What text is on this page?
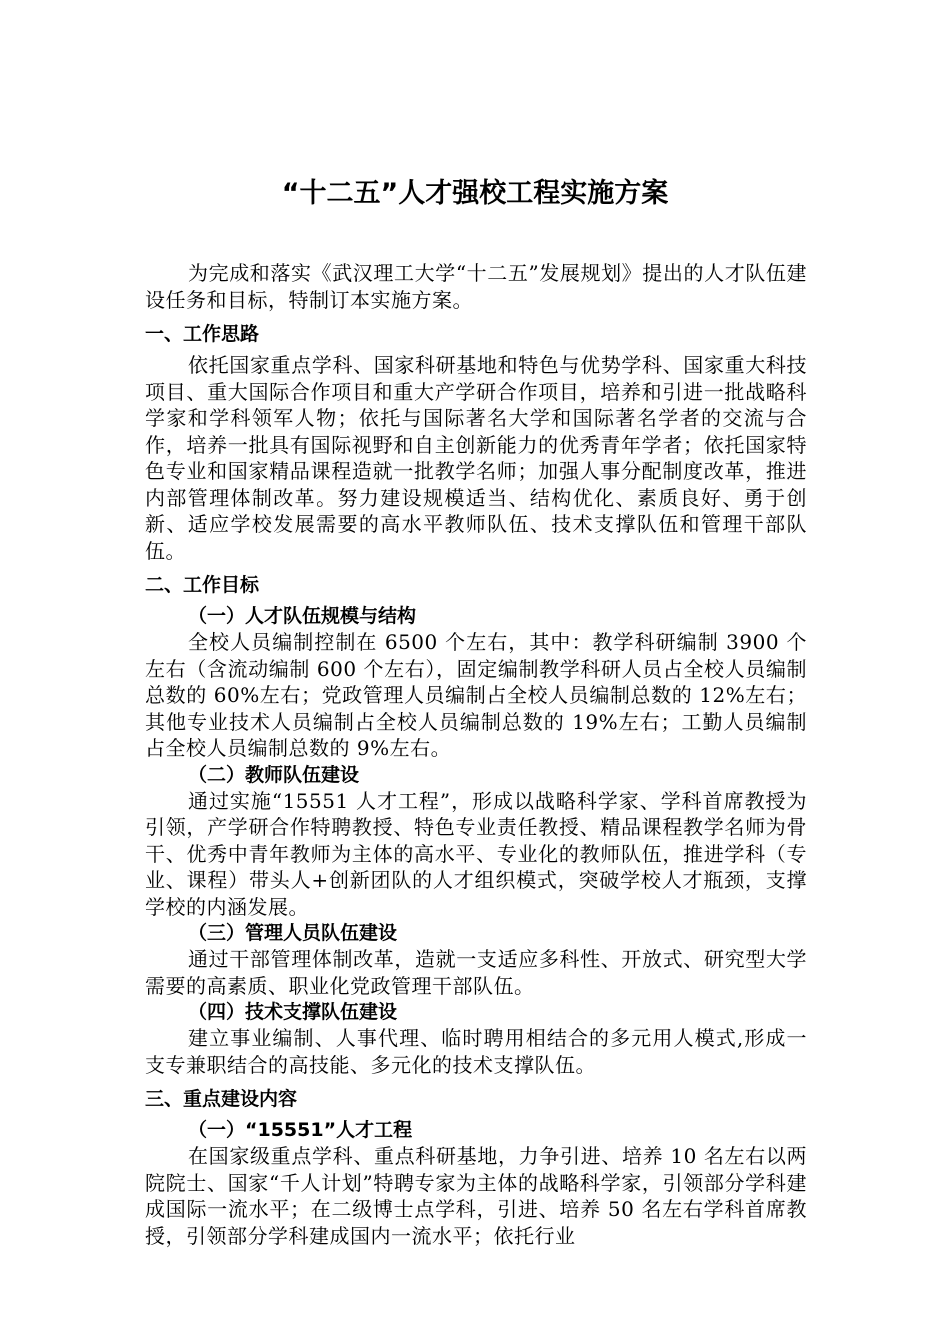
“十二五”人才强校工程实施方案

为完成和落实《武汉理工大学“十二五”发展规划》提出的人才队伍建设任务和目标，特制订本实施方案。

一、工作思路

依托国家重点学科、国家科研基地和特色与优势学科、国家重大科技项目、重大国际合作项目和重大产学研合作项目，培养和引进一批战略科学家和学科领军人物；依托与国际著名大学和国际著名学者的交流与合作，培养一批具有国际视野和自主创新能力的优秀青年学者；依托国家特色专业和国家精品课程造就一批教学名师；加强人事分配制度改革，推进内部管理体制改革。努力建设规模适当、结构优化、素质良好、勇于创新、适应学校发展需要的高水平教师队伍、技术支撑队伍和管理干部队伍。

二、工作目标
（一）人才队伍规模与结构

全校人员编制控制在 6500 个左右，其中：教学科研编制 3900 个左右（含流动编制 600 个左右），固定编制教学科研人员占全校人员编制总数的 60%左右；党政管理人员编制占全校人员编制总数的 12%左右；其他专业技术人员编制占全校人员编制总数的 19%左右；工勤人员编制占全校人员编制总数的 9%左右。

（二）教师队伍建设

通过实施“15551 人才工程”，形成以战略科学家、学科首席教授为引领，产学研合作特聘教授、特色专业责任教授、精品课程教学名师为骨干、优秀中青年教师为主体的高水平、专业化的教师队伍，推进学科（专业、课程）带头人+创新团队的人才组织模式，突破学校人才瓶颈，支撑学校的内涵发展。

（三）管理人员队伍建设

通过干部管理体制改革，造就一支适应多科性、开放式、研究型大学需要的高素质、职业化党政管理干部队伍。

（四）技术支撑队伍建设

建立事业编制、人事代理、临时聘用相结合的多元用人模式,形成一支专兼职结合的高技能、多元化的技术支撑队伍。

三、重点建设内容
（一）“15551”人才工程

在国家级重点学科、重点科研基地，力争引进、培养 10 名左右以两院院士、国家“千人计划”特聘专家为主体的战略科学家，引领部分学科建成国际一流水平；在二级博士点学科，引进、培养 50 名左右学科首席教授，引领部分学科建成国内一流水平；依托行业
